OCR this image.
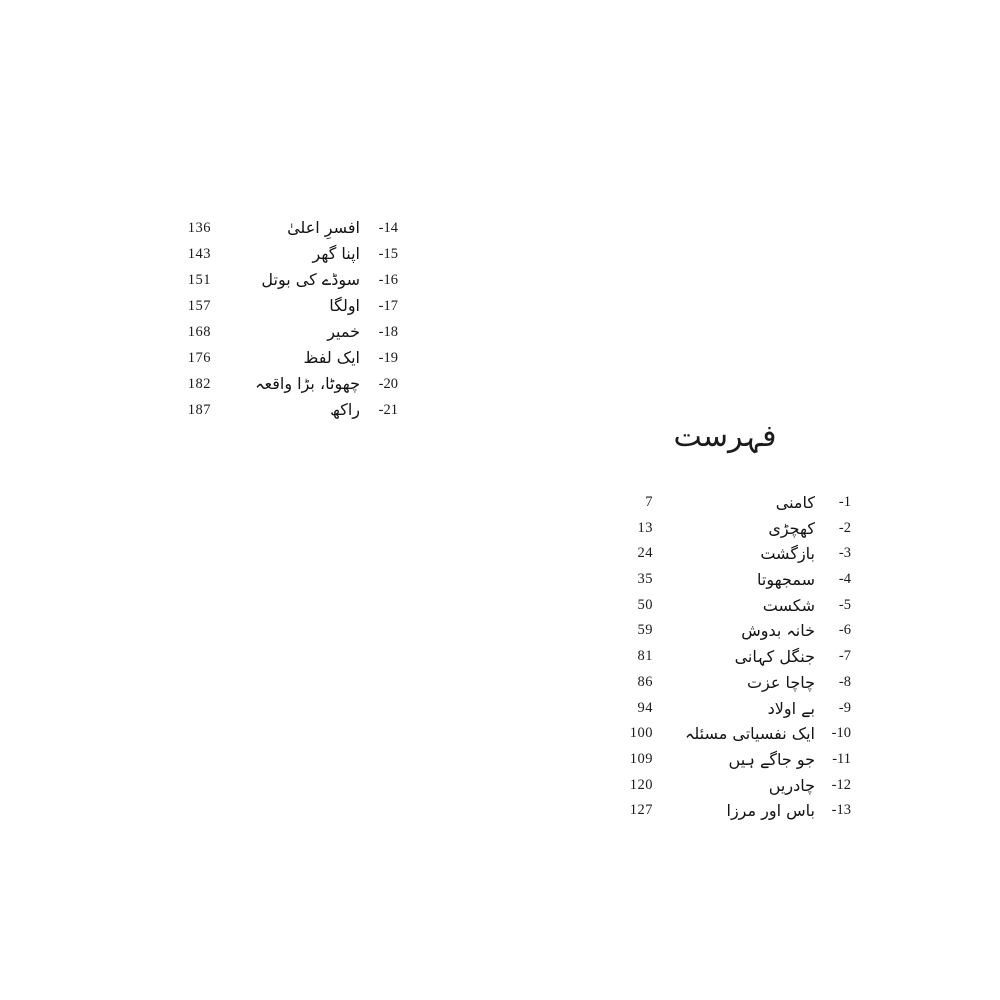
136	افسرِ اعلیٰ	-14
143	اپنا گھر	-15
151	سوڈے کی بوتل	-16
157	اولگا	-17
168	خمیر	-18
176	ایک لفظ	-19
182	چھوٹا، بڑا واقعہ	-20
187	راکھ	-21
فہرست
7	کامنی	-1
13	کھچڑی	-2
24	بازگشت	-3
35	سمجھوتا	-4
50	شکست	-5
59	خانہ بدوش	-6
81	جنگل کہانی	-7
86	چاچا عزت	-8
94	بے اولاد	-9
100 ایک نفسیاتی مسئلہ	-10
109	جو جاگے ہیں	-11
120	چادریں	-12
127	باس اور مرزا	-13
